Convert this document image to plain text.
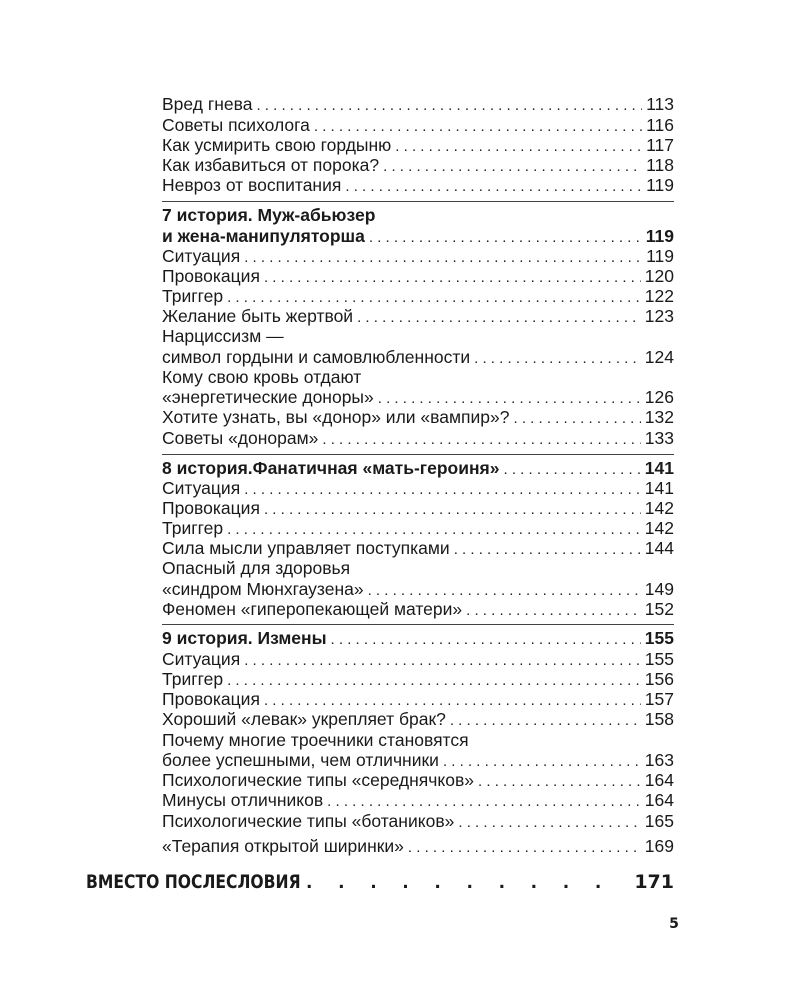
Вред гнева . . .	113
Советы психолога . . .	116
Как усмирить свою гордыню . . .	117
Как избавиться от порока? . . .	118
Невроз от воспитания . . .	119
7 история. Муж-абьюзер
и жена-манипуляторша . . .	119
Ситуация . . .	119
Провокация . . .	120
Триггер . . .	122
Желание быть жертвой . . .	123
Нарциссизм —
символ гордыни и самовлюбленности . . .	124
Кому свою кровь отдают
«энергетические доноры» . . .	126
Хотите узнать, вы «донор» или «вампир»? . . .	132
Советы «донорам» . . .	133
8 история.Фанатичная «мать-героиня» . . .	141
Ситуация . . .	141
Провокация . . .	142
Триггер . . .	142
Сила мысли управляет поступками . . .	144
Опасный для здоровья
«синдром Мюнхгаузена» . . .	149
Феномен «гиперопекающей матери» . . .	152
9 история. Измены . . .	155
Ситуация . . .	155
Триггер . . .	156
Провокация . . .	157
Хороший «левак» укрепляет брак? . . .	158
Почему многие троечники становятся
более успешными, чем отличники . . .	163
Психологические типы «середнячков» . . .	164
Минусы отличников . . .	164
Психологические типы «ботаников» . . .	165
«Терапия открытой ширинки» . . .	169
ВМЕСТО ПОСЛЕСЛОВИЯ . . .	171
5
